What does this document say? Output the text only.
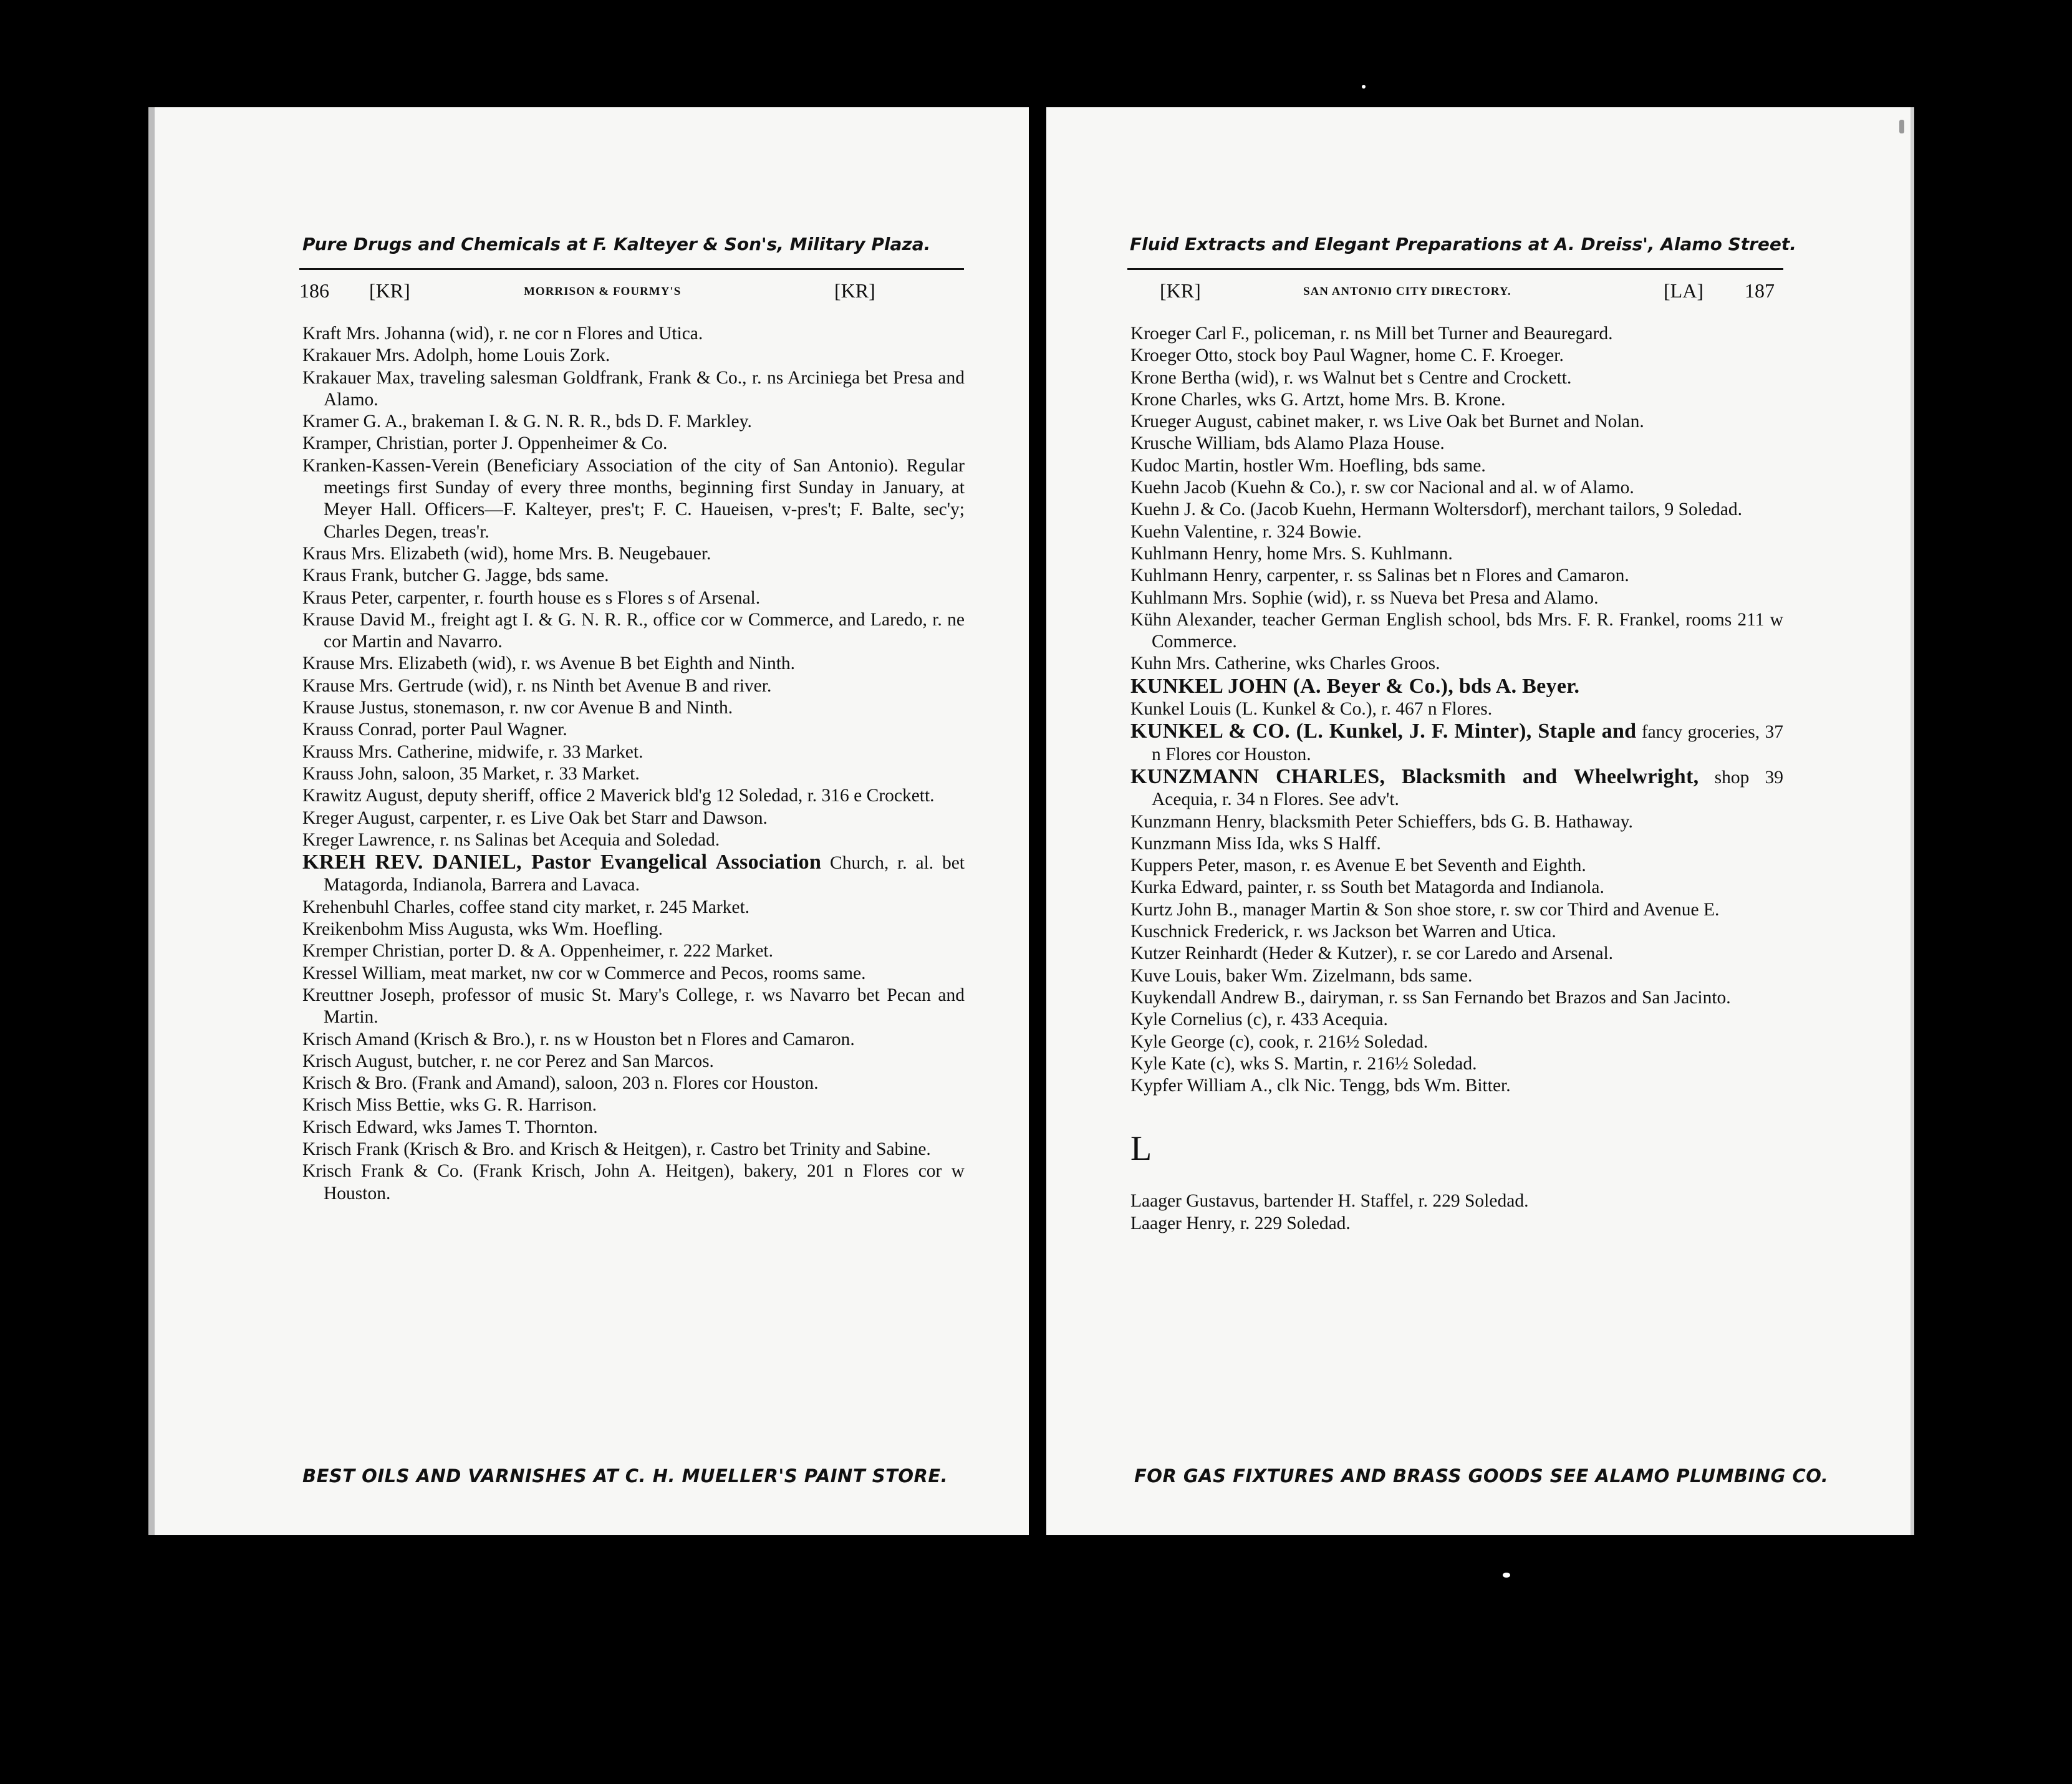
Pure Drugs and Chemicals at F. Kalteyer & Son's, Military Plaza.
186 [KR]	MORRISON & FOURMY'S	[KR]
Kraft Mrs. Johanna (wid), r. ne cor n Flores and Utica.
Krakauer Mrs. Adolph, home Louis Zork.
Krakauer Max, traveling salesman Goldfrank, Frank & Co., r. ns Arciniega bet Presa and Alamo.
Kramer G. A., brakeman I. & G. N. R. R., bds D. F. Markley.
Kramper, Christian, porter J. Oppenheimer & Co.
Kranken-Kassen-Verein (Beneficiary Association of the city of San Antonio). Regular meetings first Sunday of every three months, beginning first Sunday in January, at Meyer Hall. Officers—F. Kalteyer, pres't; F. C. Haueisen, v-pres't; F. Balte, sec'y; Charles Degen, treas'r.
Kraus Mrs. Elizabeth (wid), home Mrs. B. Neugebauer.
Kraus Frank, butcher G. Jagge, bds same.
Kraus Peter, carpenter, r. fourth house es s Flores s of Arsenal.
Krause David M., freight agt I. & G. N. R. R., office cor w Commerce, and Laredo, r. ne cor Martin and Navarro.
Krause Mrs. Elizabeth (wid), r. ws Avenue B bet Eighth and Ninth.
Krause Mrs. Gertrude (wid), r. ns Ninth bet Avenue B and river.
Krause Justus, stonemason, r. nw cor Avenue B and Ninth.
Krauss Conrad, porter Paul Wagner.
Krauss Mrs. Catherine, midwife, r. 33 Market.
Krauss John, saloon, 35 Market, r. 33 Market.
Krawitz August, deputy sheriff, office 2 Maverick bld'g 12 Soledad, r. 316 e Crockett.
Kreger August, carpenter, r. es Live Oak bet Starr and Dawson.
Kreger Lawrence, r. ns Salinas bet Acequia and Soledad.
KREH REV. DANIEL, Pastor Evangelical Association Church, r. al. bet Matagorda, Indianola, Barrera and Lavaca.
Krehenbuhl Charles, coffee stand city market, r. 245 Market.
Kreikenbohm Miss Augusta, wks Wm. Hoefling.
Kremper Christian, porter D. & A. Oppenheimer, r. 222 Market.
Kressel William, meat market, nw cor w Commerce and Pecos, rooms same.
Kreuttner Joseph, professor of music St. Mary's College, r. ws Navarro bet Pecan and Martin.
Krisch Amand (Krisch & Bro.), r. ns w Houston bet n Flores and Camaron.
Krisch August, butcher, r. ne cor Perez and San Marcos.
Krisch & Bro. (Frank and Amand), saloon, 203 n. Flores cor Houston.
Krisch Miss Bettie, wks G. R. Harrison.
Krisch Edward, wks James T. Thornton.
Krisch Frank (Krisch & Bro. and Krisch & Heitgen), r. Castro bet Trinity and Sabine.
Krisch Frank & Co. (Frank Krisch, John A. Heitgen), bakery, 201 n Flores cor w Houston.
BEST OILS AND VARNISHES AT C. H. MUELLER'S PAINT STORE.
Fluid Extracts and Elegant Preparations at A. Dreiss', Alamo Street.
[KR]	SAN ANTONIO CITY DIRECTORY.	[LA] 187
Kroeger Carl F., policeman, r. ns Mill bet Turner and Beauregard.
Kroeger Otto, stock boy Paul Wagner, home C. F. Kroeger.
Krone Bertha (wid), r. ws Walnut bet s Centre and Crockett.
Krone Charles, wks G. Artzt, home Mrs. B. Krone.
Krueger August, cabinet maker, r. ws Live Oak bet Burnet and Nolan.
Krusche William, bds Alamo Plaza House.
Kudoc Martin, hostler Wm. Hoefling, bds same.
Kuehn Jacob (Kuehn & Co.), r. sw cor Nacional and al. w of Alamo.
Kuehn J. & Co. (Jacob Kuehn, Hermann Woltersdorf), merchant tailors, 9 Soledad.
Kuehn Valentine, r. 324 Bowie.
Kuhlmann Henry, home Mrs. S. Kuhlmann.
Kuhlmann Henry, carpenter, r. ss Salinas bet n Flores and Camaron.
Kuhlmann Mrs. Sophie (wid), r. ss Nueva bet Presa and Alamo.
Kühn Alexander, teacher German English school, bds Mrs. F. R. Frankel, rooms 211 w Commerce.
Kuhn Mrs. Catherine, wks Charles Groos.
KUNKEL JOHN (A. Beyer & Co.), bds A. Beyer.
Kunkel Louis (L. Kunkel & Co.), r. 467 n Flores.
KUNKEL & CO. (L. Kunkel, J. F. Minter), Staple and fancy groceries, 37 n Flores cor Houston.
KUNZMANN CHARLES, Blacksmith and Wheelwright, shop 39 Acequia, r. 34 n Flores. See adv't.
Kunzmann Henry, blacksmith Peter Schieffers, bds G. B. Hathaway.
Kunzmann Miss Ida, wks S Halff.
Kuppers Peter, mason, r. es Avenue E bet Seventh and Eighth.
Kurka Edward, painter, r. ss South bet Matagorda and Indianola.
Kurtz John B., manager Martin & Son shoe store, r. sw cor Third and Avenue E.
Kuschnick Frederick, r. ws Jackson bet Warren and Utica.
Kutzer Reinhardt (Heder & Kutzer), r. se cor Laredo and Arsenal.
Kuve Louis, baker Wm. Zizelmann, bds same.
Kuykendall Andrew B., dairyman, r. ss San Fernando bet Brazos and San Jacinto.
Kyle Cornelius (c), r. 433 Acequia.
Kyle George (c), cook, r. 216½ Soledad.
Kyle Kate (c), wks S. Martin, r. 216½ Soledad.
Kypfer William A., clk Nic. Tengg, bds Wm. Bitter.
L
Laager Gustavus, bartender H. Staffel, r. 229 Soledad.
Laager Henry, r. 229 Soledad.
FOR GAS FIXTURES AND BRASS GOODS SEE ALAMO PLUMBING CO.
